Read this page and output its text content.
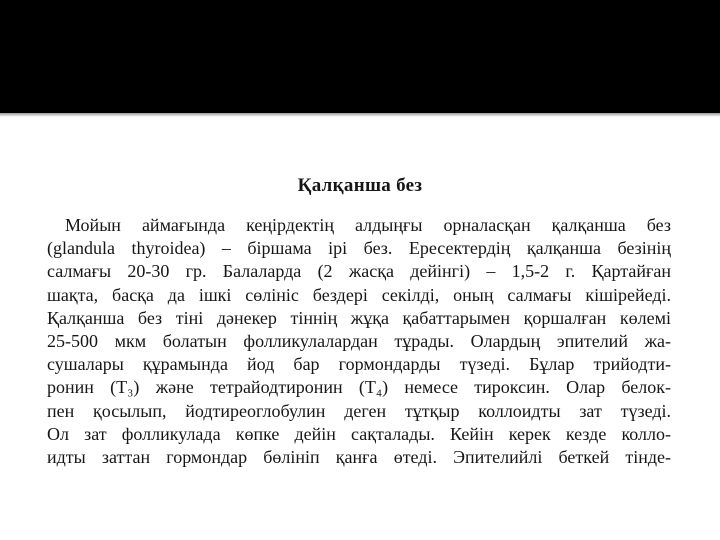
Қалқанша без
Мойын аймағында кеңірдектің алдыңғы орналасқан қалқанша без
(glandula thyroidea) – біршама ірі без. Ересектердің қалқанша безінің
салмағы 20-30 гр. Балаларда (2 жасқа дейінгі) – 1,5-2 г. Қартайған
шақта, басқа да ішкі сөлініс бездері секілді, оның салмағы кішірейеді.
Қалқанша без тіні дәнекер тіннің жұқа қабаттарымен қоршалған көлемі
25-500 мкм болатын фолликулалардан тұрады. Олардың эпителий жа-
сушалары құрамында йод бар гормондарды түзеді. Бұлар трийодти-
ронин (Т₃) және тетрайодтиронин (Т₄) немесе тироксин. Олар белок-
пен қосылып, йодтиреоглобулин деген тұтқыр коллоидты зат түзеді.
Ол зат фолликулада көпке дейін сақталады. Кейін керек кезде колло-
идты заттан гормондар бөлініп қанға өтеді. Эпителийлі беткей тінде-
